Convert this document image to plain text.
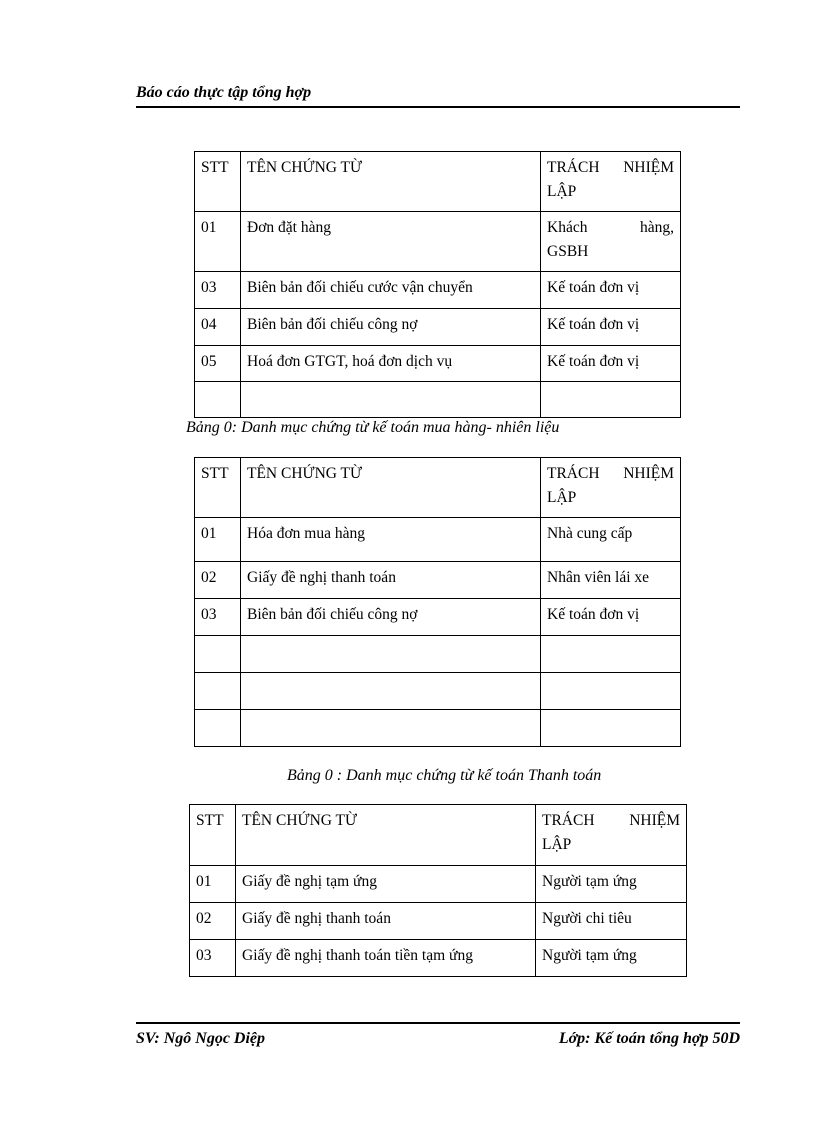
Báo cáo thực tập tổng hợp
STT	TÊN CHỨNG TỪ	TRÁCH NHIỆM
LẬP

01	Đơn đặt hàng	Khách hàng,
GSBH

03	Biên bản đối chiếu cước vận chuyển	Kế toán đơn vị
04	Biên bản đối chiếu công nợ	Kế toán đơn vị
05	Hoá đơn GTGT, hoá đơn dịch vụ	Kế toán đơn vị

Bảng 0: Danh mục chứng từ kế toán mua hàng- nhiên liệu
STT	TÊN CHỨNG TỪ	TRÁCH NHIỆM
LẬP

01	Hóa đơn mua hàng	Nhà cung cấp
02	Giấy đề nghị thanh toán	Nhân viên lái xe
03	Biên bản đối chiếu công nợ	Kế toán đơn vị

Bảng 0 : Danh mục chứng từ kế toán Thanh toán
STT	TÊN CHỨNG TỪ	TRÁCH NHIỆM
LẬP

01	Giấy đề nghị tạm ứng	Người tạm ứng
02	Giấy đề nghị thanh toán	Người chi tiêu
03	Giấy đề nghị thanh toán tiền tạm ứng	Người tạm ứng
SV: Ngô Ngọc Diệp	Lớp: Kế toán tổng hợp 50D
